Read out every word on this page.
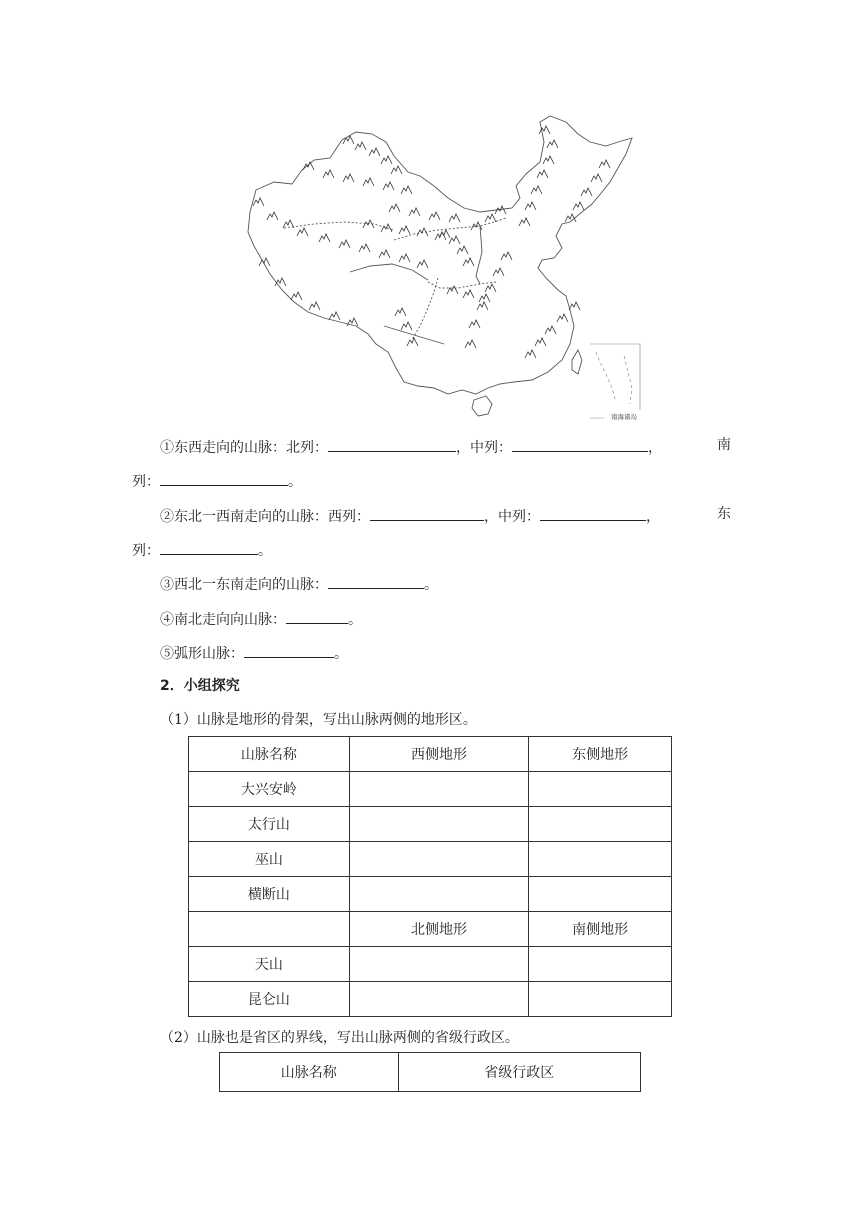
南海诸岛
①东西走向的山脉：北列：	，中列：	，	南
列：	。
②东北一西南走向的山脉：西列：	，中列：	，	东
列：	。
③西北一东南走向的山脉：	。
④南北走向向山脉：	。
⑤弧形山脉：	。
2．小组探究
（1）山脉是地形的骨架，写出山脉两侧的地形区。
山脉名称	西侧地形	东侧地形
大兴安岭		
太行山		
巫山		
横断山		
	北侧地形	南侧地形
天山		
昆仑山		
（2）山脉也是省区的界线，写出山脉两侧的省级行政区。
山脉名称	省级行政区
